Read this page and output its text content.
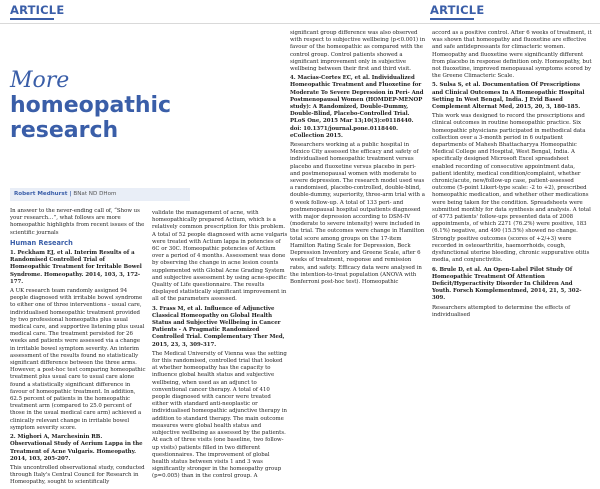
ARTICLE	ARTICLE
More homeopathic research
Robert Medhurst | BNat ND DHom

In answer to the never-ending call of, “Show us your research…”, what follows are more homeopathic highlights from recent issues of the scientific journals

Human Research

1. Peckham EJ, et al. Interim Results of a Randomised Controlled Trial of Homeopathic Treatment for Irritable Bowel Syndrome. Homeopathy. 2014, 103, 3, 172-177.

A UK research team randomly assigned 94 people diagnosed with irritable bowel syndrome to either one of three interventions - usual care, individualised homeopathic treatment provided by two professional homeopaths plus usual medical care, and supportive listening plus usual medical care. The treatment persisted for 26 weeks and patients were assessed via a change in irritable bowel symptom severity. An interim assessment of the results found no statistically significant difference between the three arms. However, a post-hoc test comparing homeopathic treatment plus usual care to usual care alone found a statistically significant difference in favour of homeopathic treatment. In addition, 62.5 percent of patients in the homeopathic treatment arm (compared to 25.0 percent of those in the usual medical care arm) achieved a clinically relevant change in irritable bowel symptom severity score.

2. Mighori A, Marchesinin RB. Observational Study of Aerium Lappa in the Treatment of Acne Vulgaris. Homeopathy. 2014, 103, 205-207.

This uncontrolled observational study, conducted through Italy's Central Council for Research in Homeopathy, sought to scientifically

validate the management of acne, with homeopathically prepared Actium, which is a relatively common prescription for this problem. A total of 52 people diagnosed with acne vulgaris were treated with Actium lappa in potencies of 6C or 30C. Homeopathic potencies of Actium over a period of 4 months. Assessment was done by observing the change in acne lesion counts supplemented with Global Acne Grading System and subjective assessment by using acne-specific Quality of Life questionnaire. The results displayed statistically significant improvement in all of the parameters assessed.

3. Frass M, et al. Influence of Adjunctive Classical Homeopathy on Global Health Status and Subjective Wellbeing in Cancer Patients - A Pragmatic Randomized Controlled Trial. Complementary Ther Med, 2015, 23, 3, 309-317.

The Medical University of Vienna was the setting for this randomised, controlled trial that looked at whether homeopathy has the capacity to influence global health status and subjective wellbeing, when used as an adjunct to conventional cancer therapy. A total of 410 people diagnosed with cancer were treated either with standard anti-neoplastic or individualised homeopathic adjunctive therapy in addition to standard therapy. The main outcome measures were global health status and subjective wellbeing as assessed by the patients. At each of three visits (one baseline, two follow-up visits) patients filled in two different questionnaires. The improvement of global health status between visits 1 and 3 was significantly stronger in the homeopathy group (p=0.005) than in the control group. A

significant group difference was also observed with respect to subjective wellbeing (p<0.001) in favour of the homeopathic as compared with the control group. Control patients showed a significant improvement only in subjective wellbeing between their first and third visit.

4. Macias-Cortes EC, et al. Individualized Homeopathic Treatment and Fluoxetine for Moderate To Severe Depression in Peri- And Postmenopausal Women (HOMDEP-MENOP study): A Randomized, Double-Dummy, Double-Blind, Placebo-Controlled Trial. PLoS One, 2015 Mar 13;10(3):e0118440. doi: 10.1371/journal.pone.0118440. eCollection 2015.

Researchers working at a public hospital in Mexico City assessed the efficacy and safety of individualised homeopathic treatment versus placebo and fluoxetine versus placebo in peri- and postmenopausal women with moderate to severe depression. The research model used was a randomised, placebo-controlled, double-blind, double-dummy, superiority, three-arm trial with a 6 week follow-up. A total of 133 peri- and postmenopausal hospital outpatients diagnosed with major depression according to DSM-IV (moderate to severe intensity) were included in the trial. The outcomes were change in Hamilton total score among groups on the 17-item Hamilton Rating Scale for Depression, Beck Depression Inventory and Greene Scale, after 6 weeks of treatment, response and remission rates, and safety. Efficacy data were analysed in the intention-to-treat population (ANOVA with Bonferroni post-hoc test). Homeopathic

accord as a positive control. After 6 weeks of treatment, it was shown that homeopathy and fluoxetine are effective and safe antidepressants for climacteric women. Homeopathy and fluoxetine were significantly different from placebo in response definition only. Homeopathy, but not fluoxetine, improved menopausal symptoms scored by the Greene Climacteric Scale.

5. Sulsa S, et al. Documentation Of Prescriptions and Clinical Outcomes In A Homeopathic Hospital Setting In West Bengal, India. J Evid Based Complement Alternat Med, 2015, 20, 3, 180-185.

This work was designed to record the prescriptions and clinical outcomes in routine homeopathic practice. Six homeopathic physicians participated in methodical data collection over a 3-month period in 6 outpatient departments of Mahesh Bhattacharyya Homeopathic Medical College and Hospital, West Bengal, India. A specifically designed Microsoft Excel spreadsheet enabled recording of consecutive appointment data, patient identity, medical condition/complaint, whether chronic/acute, new/follow-up case, patient-assessed outcome (5-point Likert-type scale: -2 to +2), prescribed homeopathic medication, and whether other medications were being taken for the condition. Spreadsheets were submitted monthly for data synthesis and analysis. A total of 4773 patients' follow-ups presented data of 2008 appointments, of which 2271 (76.2%) were positive, 183 (6.1%) negative, and 490 (15.5%) showed no change. Strongly positive outcomes (scores of +2/+3) were recorded in osteoarthritis, haemorrhoids, cough, dysfunctional uterine bleeding, chronic suppurative otitis media, and conjunctivitis.

6. Brule D, et al. An Open-Label Pilot Study Of Homeopathic Treatment Of Attention Deficit/Hyperactivity Disorder In Children And Youth. Forsch Komplementmed, 2014, 21, 5, 302-309.

Researchers attempted to determine the effects of individualised
